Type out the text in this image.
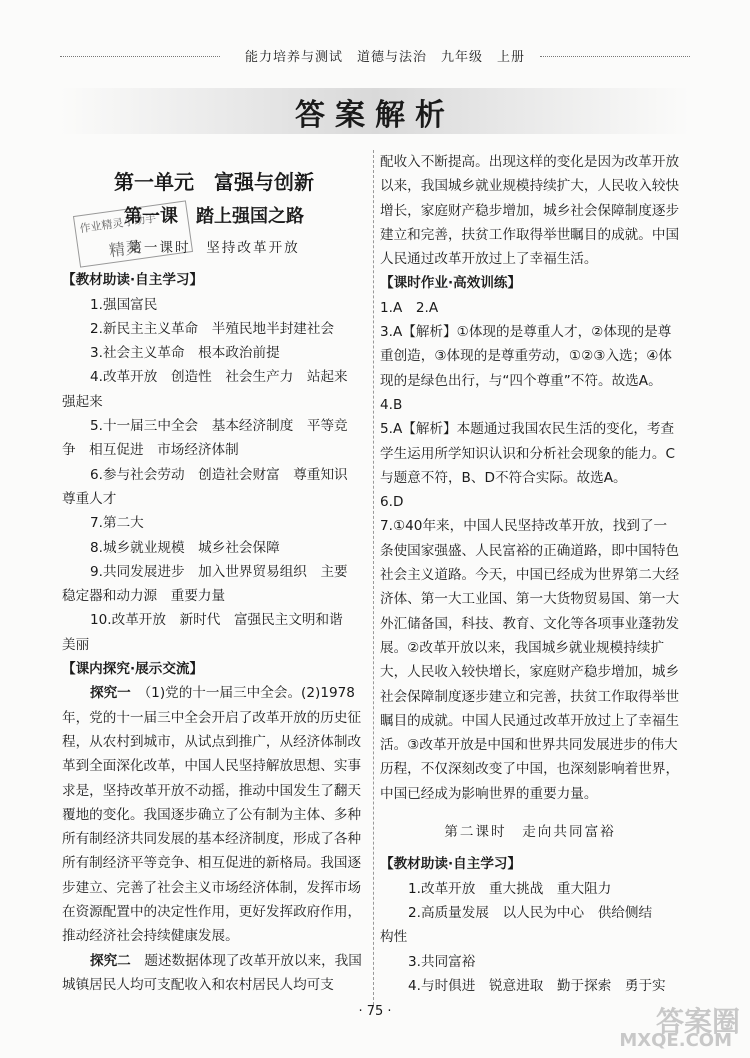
能力培养与测试　道德与法治　九年级　上册
答案解析
作业精灵小助手
精灵
第一单元　富强与创新
第一课　踏上强国之路
第一课时　坚持改革开放

【教材助读·自主学习】

1.强国富民

2.新民主主义革命　半殖民地半封建社会

3.社会主义革命　根本政治前提

4.改革开放　创造性　社会生产力　站起来

强起来

5.十一届三中全会　基本经济制度　平等竞

争　相互促进　市场经济体制

6.参与社会劳动　创造社会财富　尊重知识

尊重人才

7.第二大

8.城乡就业规模　城乡社会保障

9.共同发展进步　加入世界贸易组织　主要

稳定器和动力源　重要力量

10.改革开放　新时代　富强民主文明和谐

美丽

【课内探究·展示交流】

探究一　 （1)党的十一届三中全会。(2)1978年，党的十一届三中全会开启了改革开放的历史征程，从农村到城市，从试点到推广，从经济体制改革到全面深化改革，中国人民坚持解放思想、实事求是，坚持改革开放不动摇，推动中国发生了翻天覆地的变化。我国逐步确立了公有制为主体、多种所有制经济共同发展的基本经济制度，形成了各种所有制经济平等竞争、相互促进的新格局。我国逐步建立、完善了社会主义市场经济体制，发挥市场在资源配置中的决定性作用，更好发挥政府作用，推动经济社会持续健康发展。

探究二　 题述数据体现了改革开放以来，我国城镇居民人均可支配收入和农村居民人均可支

配收入不断提高。出现这样的变化是因为改革开放以来，我国城乡就业规模持续扩大，人民收入较快增长，家庭财产稳步增加，城乡社会保障制度逐步建立和完善，扶贫工作取得举世瞩目的成就。中国人民通过改革开放过上了幸福生活。

【课时作业·高效训练】

1.A　2.A

3.A【解析】①体现的是尊重人才，②体现的是尊重创造，③体现的是尊重劳动，①②③入选；④体现的是绿色出行，与“四个尊重”不符。故选A。

4.B

5.A【解析】本题通过我国农民生活的变化，考查学生运用所学知识认识和分析社会现象的能力。C与题意不符，B、D不符合实际。故选A。

6.D

7.①40年来，中国人民坚持改革开放，找到了一条使国家强盛、人民富裕的正确道路，即中国特色社会主义道路。今天，中国已经成为世界第二大经济体、第一大工业国、第一大货物贸易国、第一大外汇储备国，科技、教育、文化等各项事业蓬勃发展。②改革开放以来，我国城乡就业规模持续扩大，人民收入较快增长，家庭财产稳步增加，城乡社会保障制度逐步建立和完善，扶贫工作取得举世瞩目的成就。中国人民通过改革开放过上了幸福生活。③改革开放是中国和世界共同发展进步的伟大历程，不仅深刻改变了中国，也深刻影响着世界，中国已经成为影响世界的重要力量。

第二课时　走向共同富裕

【教材助读·自主学习】

1.改革开放　重大挑战　重大阻力

2.高质量发展　以人民为中心　供给侧结

构性

3.共同富裕

4.与时俱进　锐意进取　勤于探索　勇于实

· 75 ·	答案圈
MXQE.COM
